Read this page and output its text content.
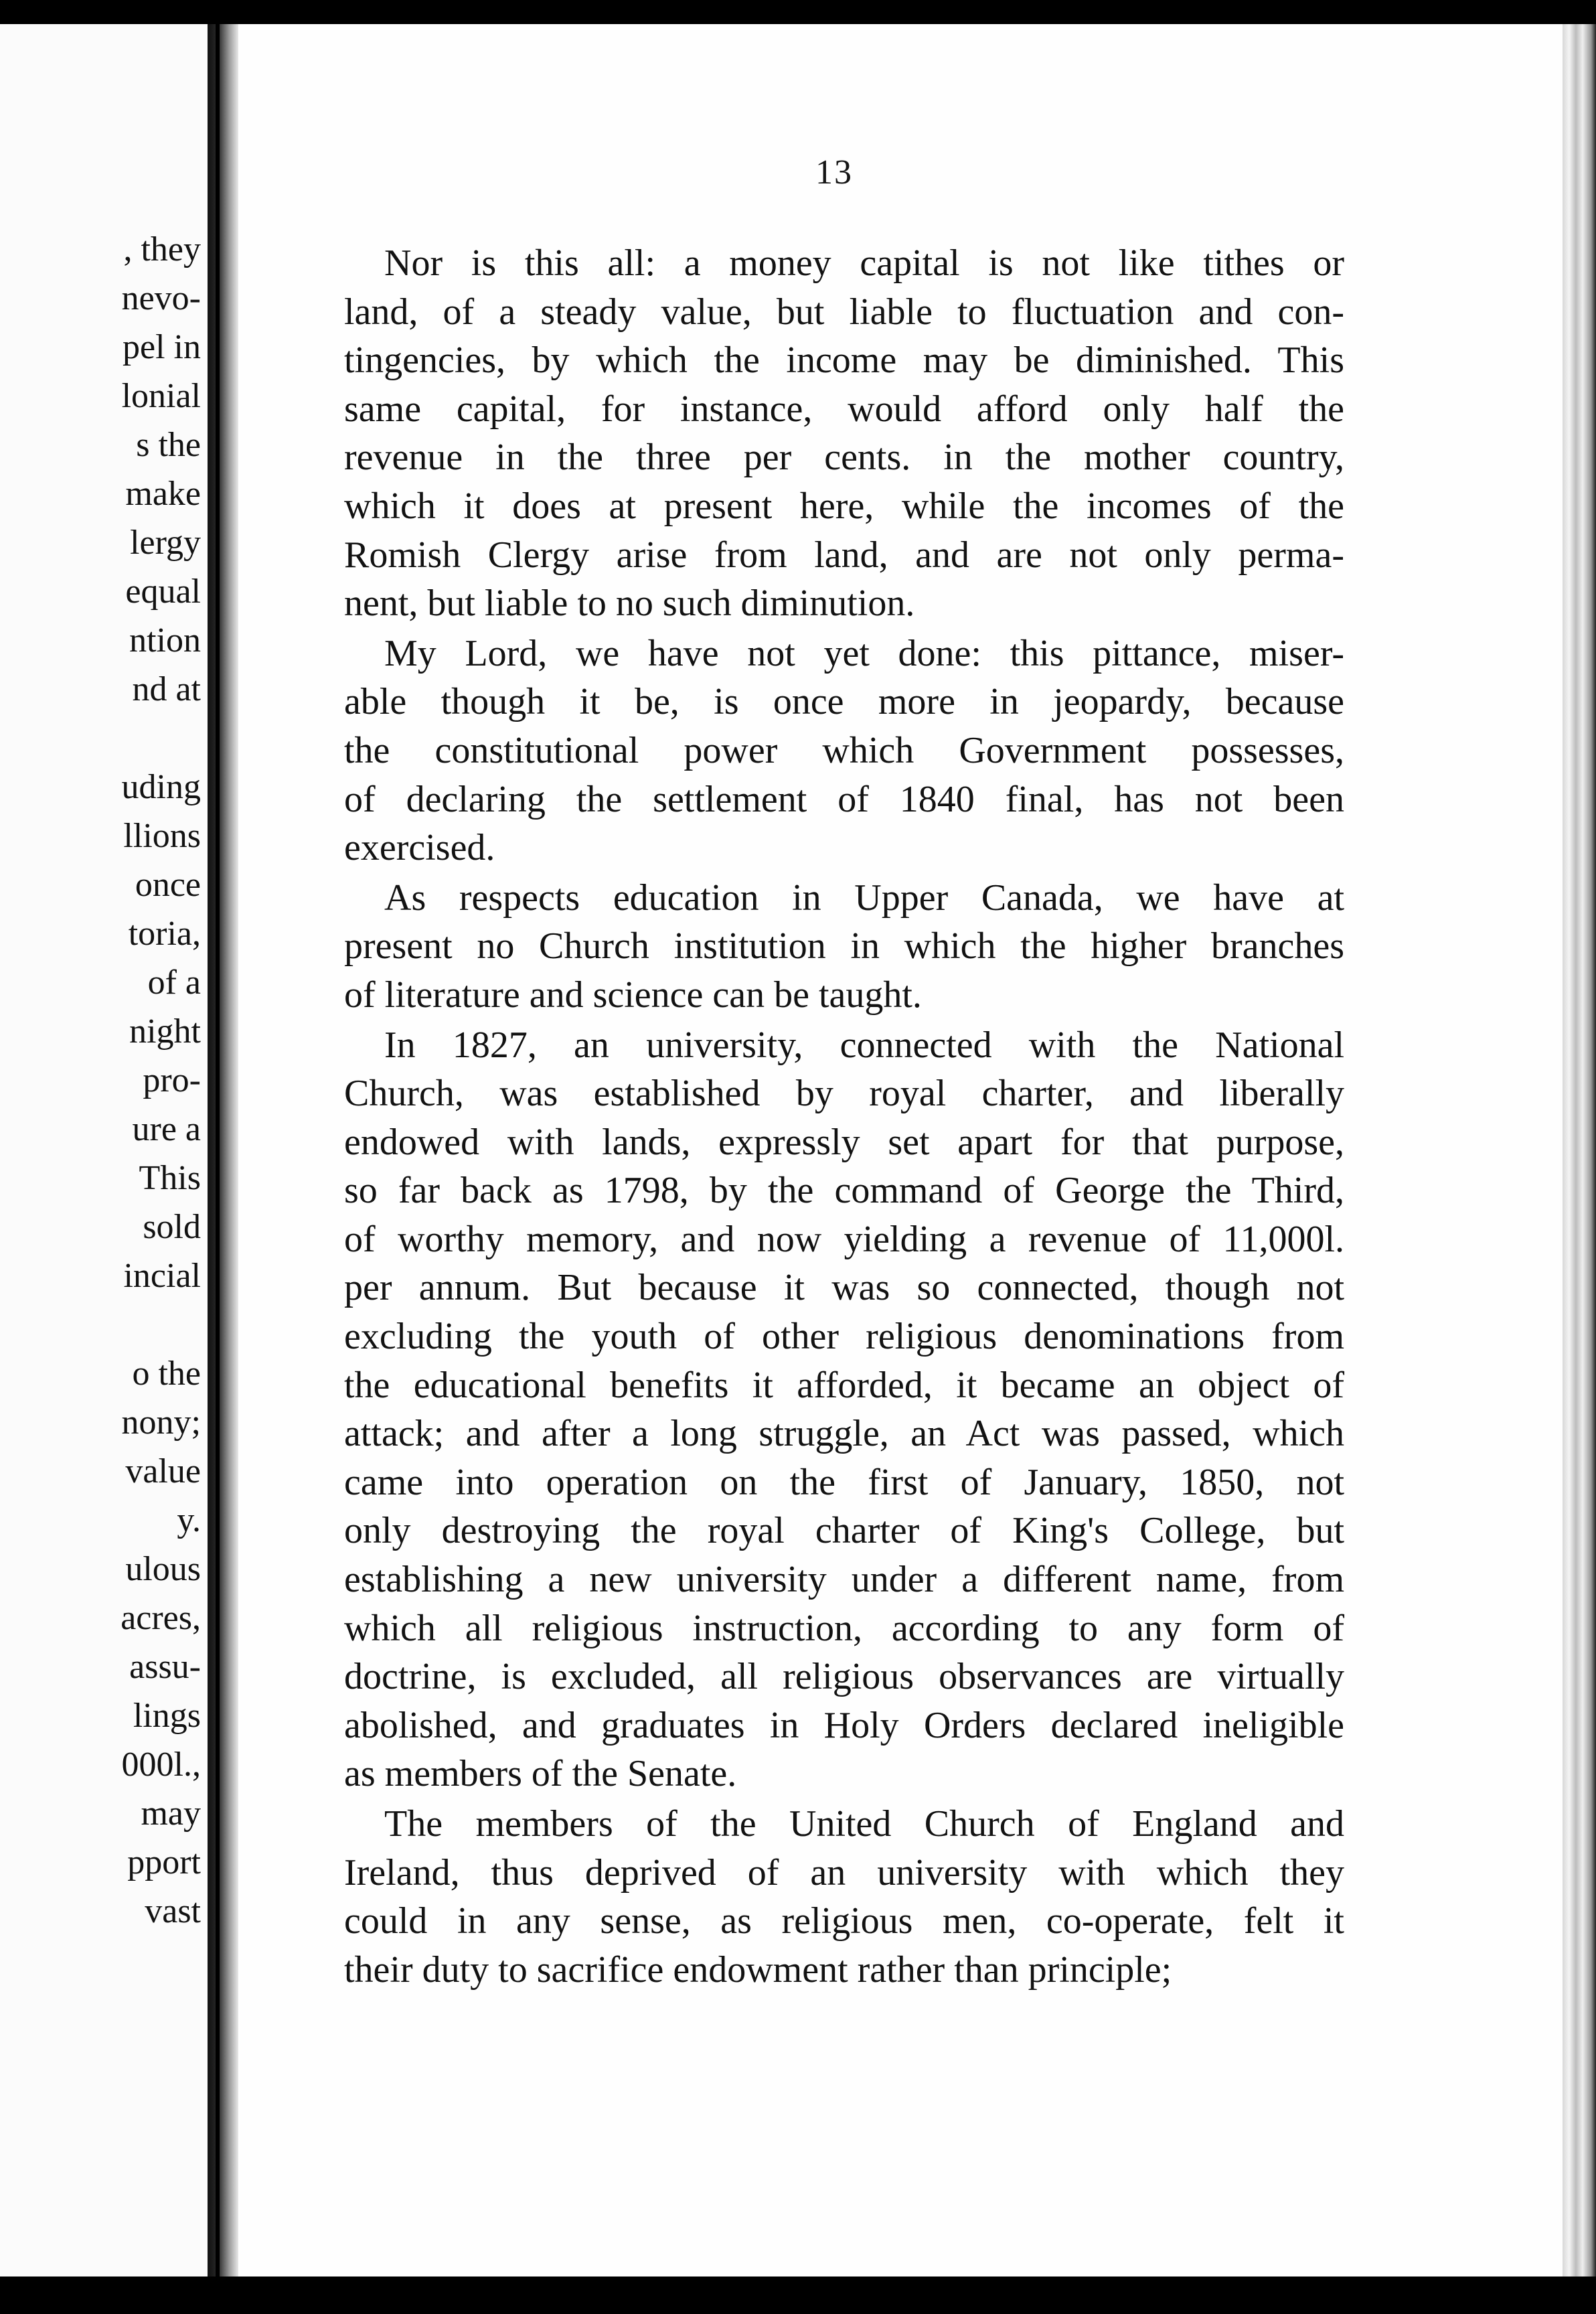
, they
nevo-
pel in
lonial
s the
make
lergy
equal
ntion
nd at
uding
llions
once
toria,
of a
night
pro-
ure a
This
sold
incial
o the
nony;
value
y.
ulous
acres,
assu-
lings
000l.,
may
pport
vast
13
Nor is this all: a money capital is not like tithes or
land, of a steady value, but liable to fluctuation and con-
tingencies, by which the income may be diminished. This
same capital, for instance, would afford only half the
revenue in the three per cents. in the mother country,
which it does at present here, while the incomes of the
Romish Clergy arise from land, and are not only perma-
nent, but liable to no such diminution.
My Lord, we have not yet done: this pittance, miser-
able though it be, is once more in jeopardy, because
the constitutional power which Government possesses,
of declaring the settlement of 1840 final, has not been
exercised.
As respects education in Upper Canada, we have at
present no Church institution in which the higher branches
of literature and science can be taught.
In 1827, an university, connected with the National
Church, was established by royal charter, and liberally
endowed with lands, expressly set apart for that purpose,
so far back as 1798, by the command of George the Third,
of worthy memory, and now yielding a revenue of 11,000l.
per annum. But because it was so connected, though not
excluding the youth of other religious denominations from
the educational benefits it afforded, it became an object of
attack; and after a long struggle, an Act was passed, which
came into operation on the first of January, 1850, not
only destroying the royal charter of King's College, but
establishing a new university under a different name, from
which all religious instruction, according to any form of
doctrine, is excluded, all religious observances are virtually
abolished, and graduates in Holy Orders declared ineligible
as members of the Senate.
The members of the United Church of England and
Ireland, thus deprived of an university with which they
could in any sense, as religious men, co-operate, felt it
their duty to sacrifice endowment rather than principle;
